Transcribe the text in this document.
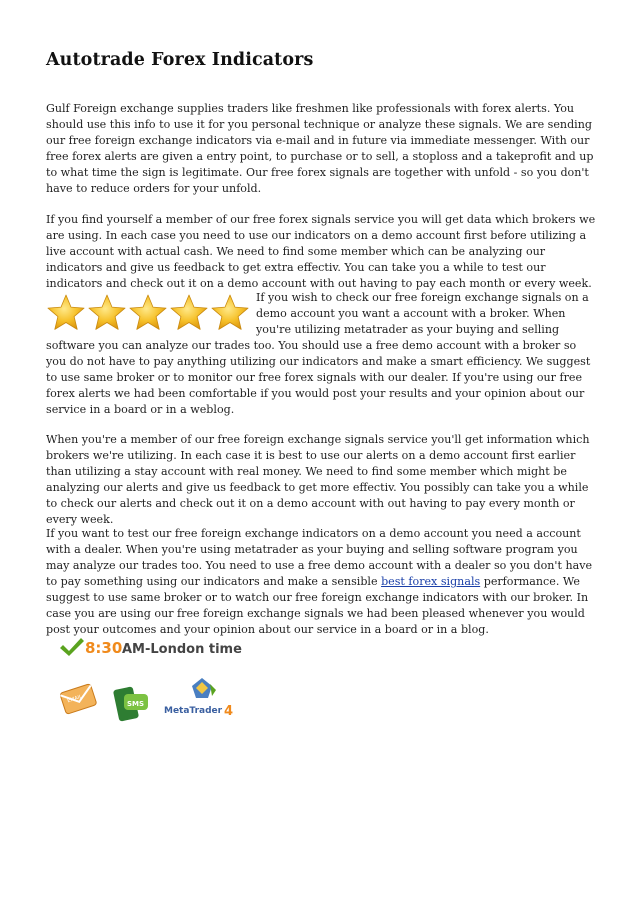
Autotrade Forex Indicators

Gulf Foreign exchange supplies traders like freshmen like professionals with forex alerts. You should use this info to use it for you personal technique or analyze these signals. We are sending our free foreign exchange indicators via e-mail and in future via immediate messenger. With our free forex alerts are given a entry point, to purchase or to sell, a stoploss and a takeprofit and up to what time the sign is legitimate. Our free forex signals are together with unfold - so you don't have to reduce orders for your unfold.

If you find yourself a member of our free forex signals service you will get data which brokers we are using. In each case you need to use our indicators on a demo account first before utilizing a live account with actual cash. We need to find some member which can be analyzing our indicators and give us feedback to get extra effectiv. You can take you a while to test our indicators and check out it on a demo account with out having to pay each month or every week.

If you wish to check our free foreign exchange signals on a demo account you want a account with a broker. When you're utilizing metatrader as your buying and selling software you can analyze our trades too. You should use a free demo account with a broker so you do not have to pay anything utilizing our indicators and make a smart efficiency. We suggest to use same broker or to monitor our free forex signals with our dealer. If you're using our free forex alerts we had been comfortable if you would post your results and your opinion about our service in a board or in a weblog.

When you're a member of our free foreign exchange signals service you'll get information which brokers we're utilizing. In each case it is best to use our alerts on a demo account first earlier than utilizing a stay account with real money. We need to find some member which might be analyzing our alerts and give us feedback to get more effectiv. You possibly can take you a while to check our alerts and check out it on a demo account with out having to pay every month or every week.

If you want to test our free foreign exchange indicators on a demo account you need a account with a dealer. When you're using metatrader as your buying and selling software program you may analyze our trades too. You need to use a free demo account with a dealer so you don't have to pay something using our indicators and make a sensible best forex signals performance. We suggest to use same broker or to watch our free foreign exchange indicators with our broker. In case you are using our free foreign exchange signals we had been pleased whenever you would post your outcomes and your opinion about our service in a board or in a blog.

8:30 AM-London time
EMAIL	SMS
MetaTrader 4
